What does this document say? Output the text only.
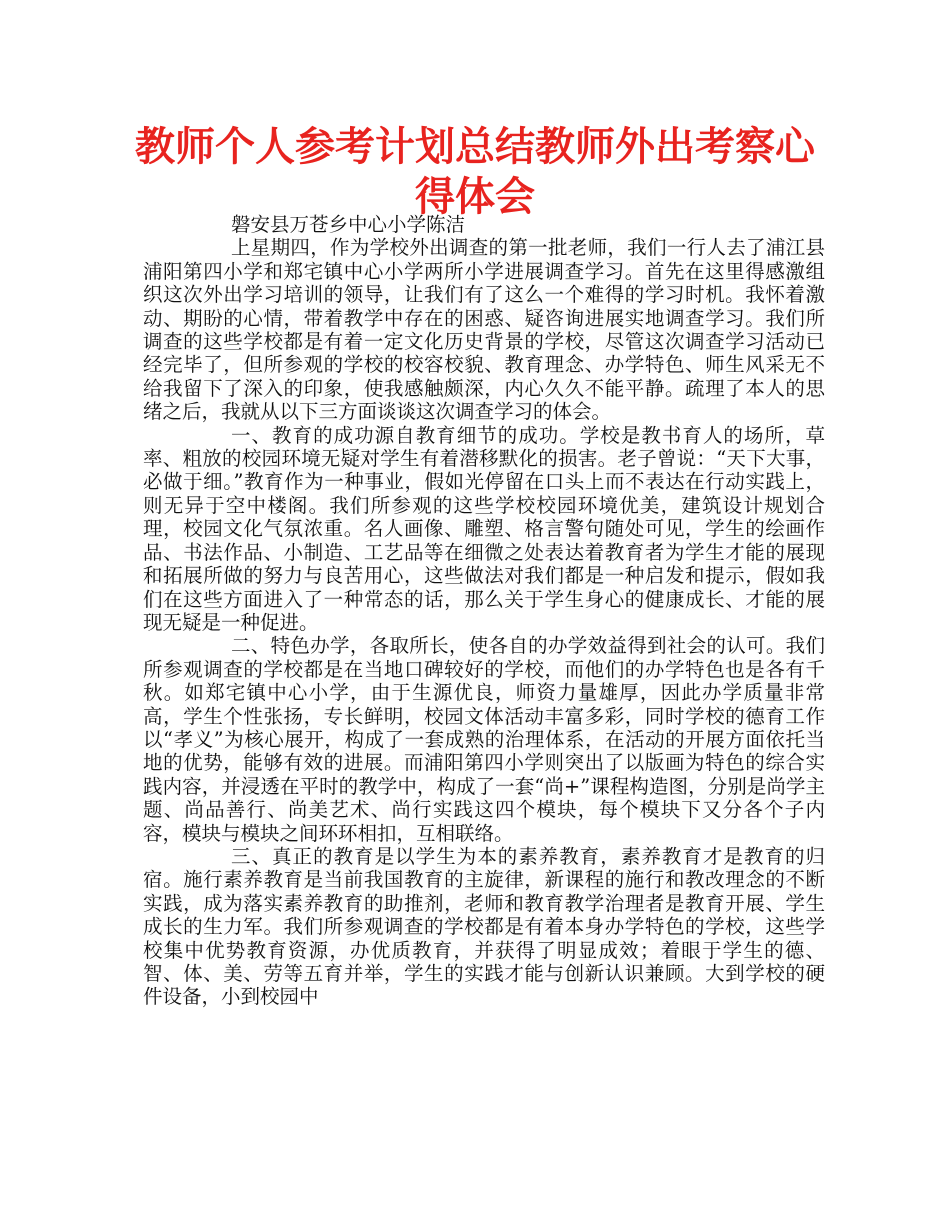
教师个人参考计划总结教师外出考察心得体会

磐安县万苍乡中心小学陈洁

上星期四，作为学校外出调查的第一批老师，我们一行人去了浦江县浦阳第四小学和郑宅镇中心小学两所小学进展调查学习。首先在这里得感激组织这次外出学习培训的领导，让我们有了这么一个难得的学习时机。我怀着激动、期盼的心情，带着教学中存在的困惑、疑咨询进展实地调查学习。我们所调查的这些学校都是有着一定文化历史背景的学校，尽管这次调查学习活动已经完毕了，但所参观的学校的校容校貌、教育理念、办学特色、师生风采无不给我留下了深入的印象，使我感触颇深，内心久久不能平静。疏理了本人的思绪之后，我就从以下三方面谈谈这次调查学习的体会。

一、教育的成功源自教育细节的成功。学校是教书育人的场所，草率、粗放的校园环境无疑对学生有着潜移默化的损害。老子曾说：“天下大事，必做于细。”教育作为一种事业，假如光停留在口头上而不表达在行动实践上，则无异于空中楼阁。我们所参观的这些学校校园环境优美，建筑设计规划合理，校园文化气氛浓重。名人画像、雕塑、格言警句随处可见，学生的绘画作品、书法作品、小制造、工艺品等在细微之处表达着教育者为学生才能的展现和拓展所做的努力与良苦用心，这些做法对我们都是一种启发和提示，假如我们在这些方面进入了一种常态的话，那么关于学生身心的健康成长、才能的展现无疑是一种促进。

二、特色办学，各取所长，使各自的办学效益得到社会的认可。我们所参观调查的学校都是在当地口碑较好的学校，而他们的办学特色也是各有千秋。如郑宅镇中心小学，由于生源优良，师资力量雄厚，因此办学质量非常高，学生个性张扬，专长鲜明，校园文体活动丰富多彩，同时学校的德育工作以“孝义”为核心展开，构成了一套成熟的治理体系，在活动的开展方面依托当地的优势，能够有效的进展。而浦阳第四小学则突出了以版画为特色的综合实践内容，并浸透在平时的教学中，构成了一套“尚+”课程构造图，分别是尚学主题、尚品善行、尚美艺术、尚行实践这四个模块，每个模块下又分各个子内容，模块与模块之间环环相扣，互相联络。

三、真正的教育是以学生为本的素养教育，素养教育才是教育的归宿。施行素养教育是当前我国教育的主旋律，新课程的施行和教改理念的不断实践，成为落实素养教育的助推剂，老师和教育教学治理者是教育开展、学生成长的生力军。我们所参观调查的学校都是有着本身办学特色的学校，这些学校集中优势教育资源，办优质教育，并获得了明显成效；着眼于学生的德、智、体、美、劳等五育并举，学生的实践才能与创新认识兼顾。大到学校的硬件设备，小到校园中
